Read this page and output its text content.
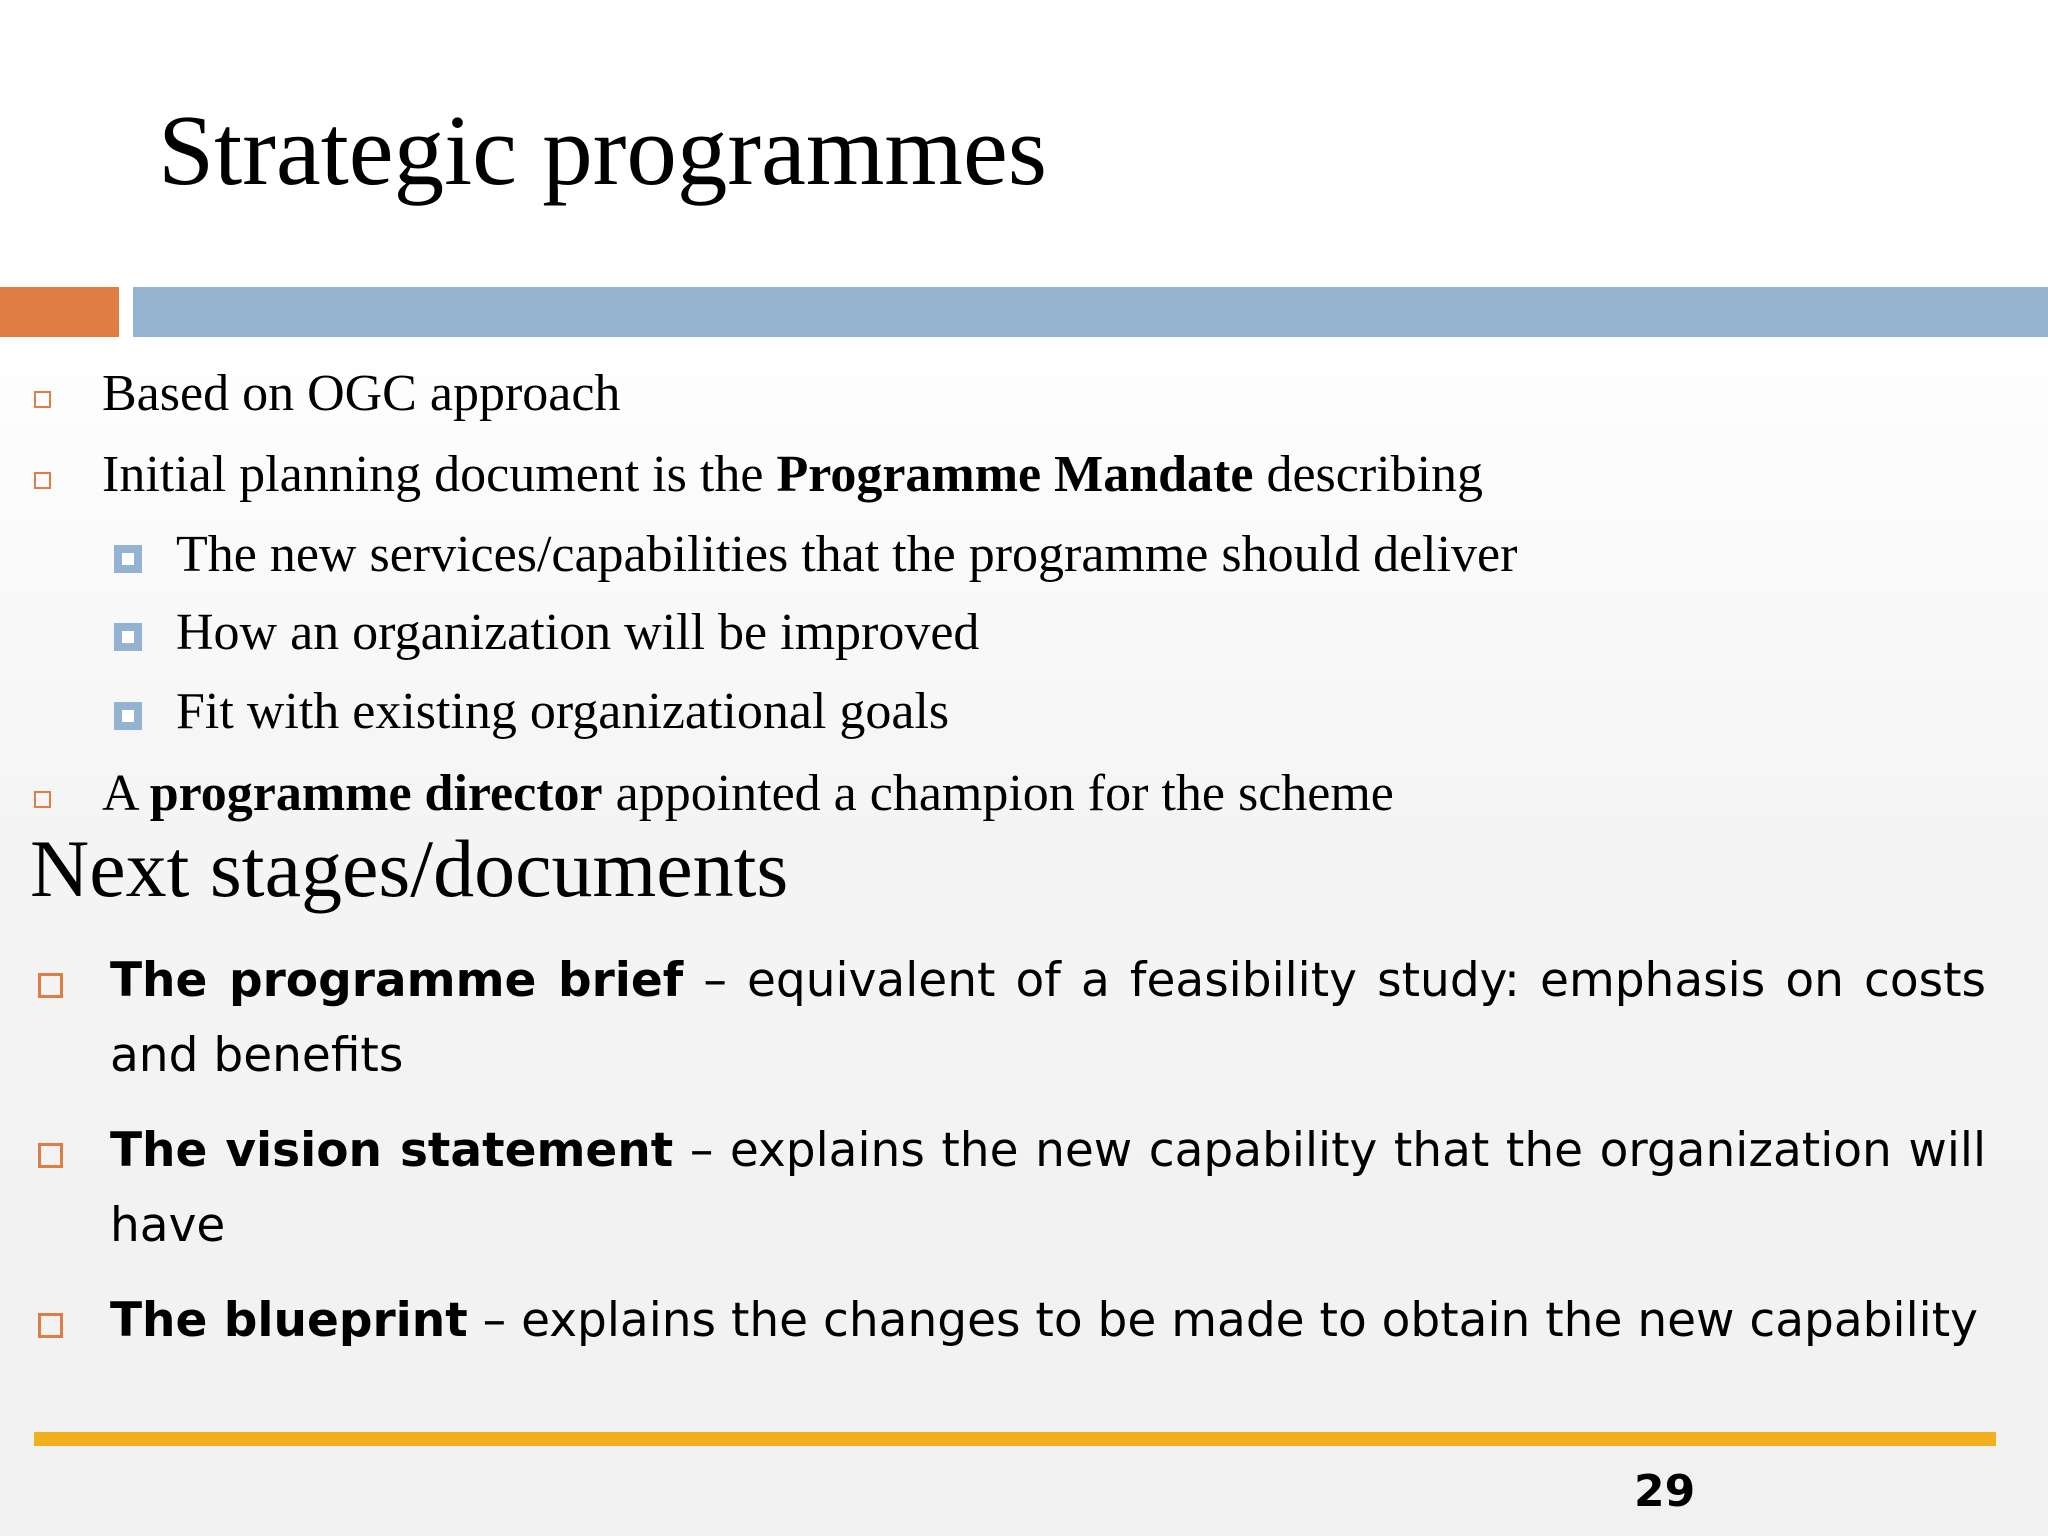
Strategic programmes
Based on OGC approach
Initial planning document is the Programme Mandate describing
The new services/capabilities that the programme should deliver
How an organization will be improved
Fit with existing organizational goals
A programme director appointed a champion for the scheme
Next stages/documents
The programme brief – equivalent of a feasibility study: emphasis on costs and benefits
The vision statement – explains the new capability that the organization will have
The blueprint – explains the changes to be made to obtain the new capability
29
